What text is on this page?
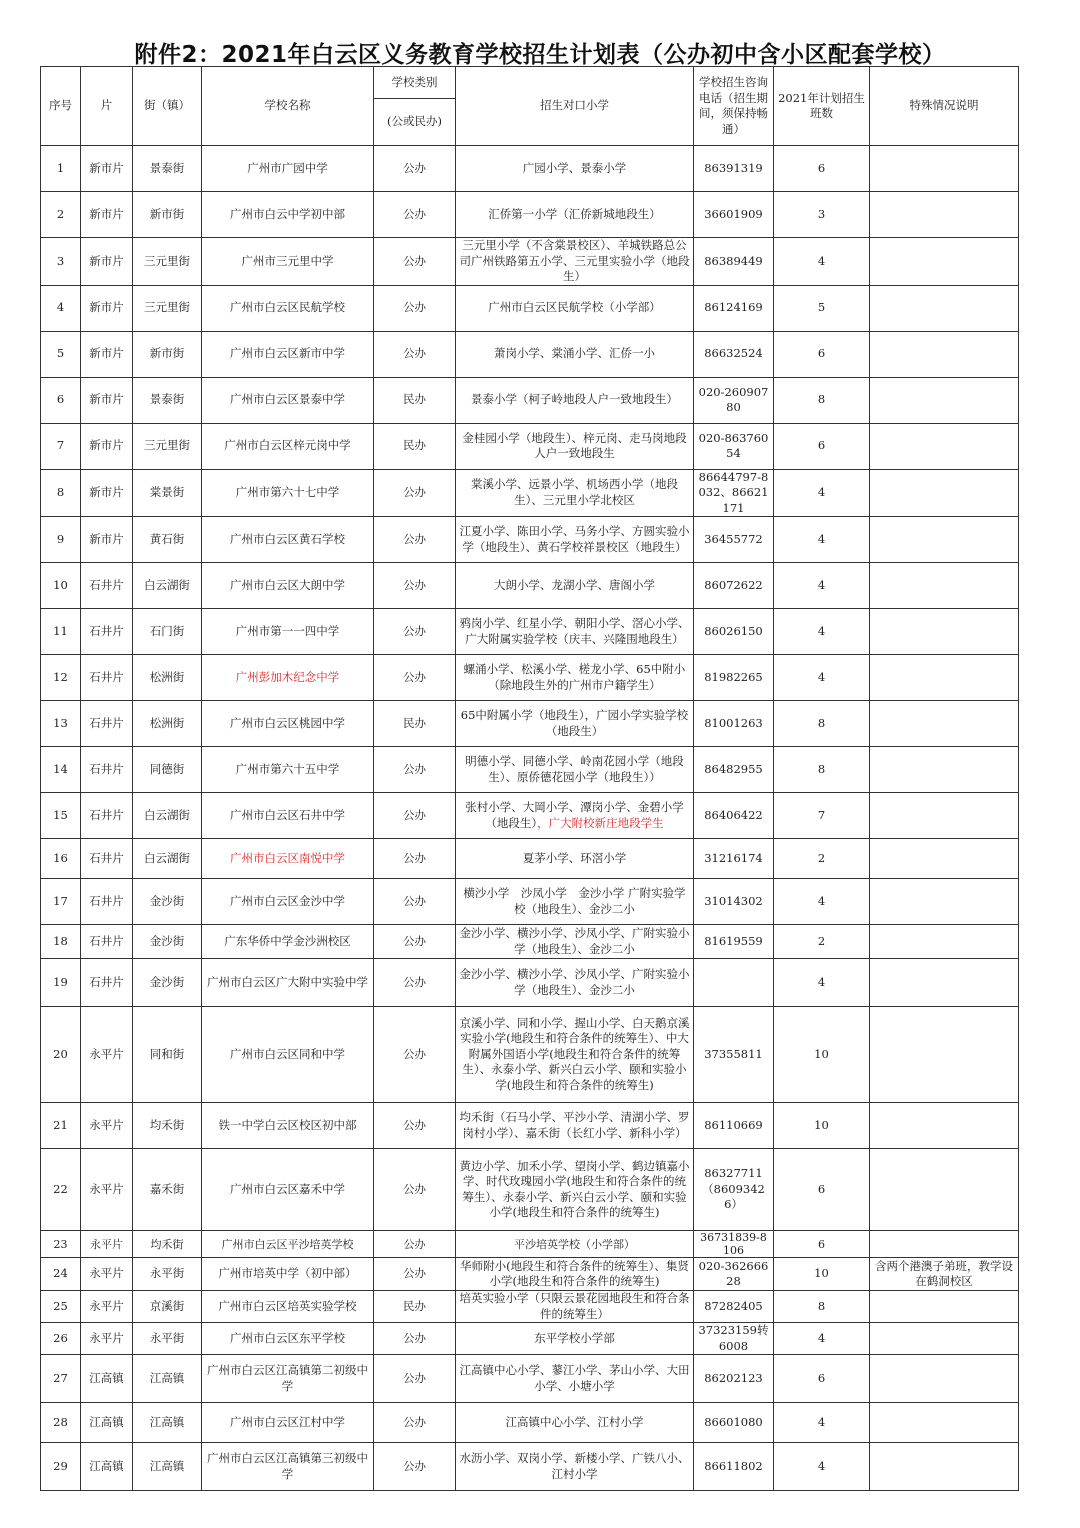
附件2：2021年白云区义务教育学校招生计划表（公办初中含小区配套学校）
序号	片	街（镇）	学校名称	学校类别	招生对口小学	学校招生咨询电话（招生期间，须保持畅通）	2021年计划招生班数	特殊情况说明
				(公或民办)				
1	新市片	景泰街	广州市广园中学	公办	广园小学、景泰小学	86391319	6	
2	新市片	新市街	广州市白云中学初中部	公办	汇侨第一小学（汇侨新城地段生）	36601909	3	
3	新市片	三元里街	广州市三元里中学	公办	三元里小学（不含棠景校区）、羊城铁路总公司广州铁路第五小学、三元里实验小学（地段生）	86389449	4	
4	新市片	三元里街	广州市白云区民航学校	公办	广州市白云区民航学校（小学部）	86124169	5	
5	新市片	新市街	广州市白云区新市中学	公办	萧岗小学、棠涌小学、汇侨一小	86632524	6	
6	新市片	景泰街	广州市白云区景泰中学	民办	景泰小学（柯子岭地段人户一致地段生）	020-26090780	8	
7	新市片	三元里街	广州市白云区梓元岗中学	民办	金桂园小学（地段生）、梓元岗、走马岗地段人户一致地段生	020-86376054	6	
8	新市片	棠景街	广州市第六十七中学	公办	棠溪小学、远景小学、机场西小学（地段生）、三元里小学北校区	86644797-8032、86621171	4	
9	新市片	黄石街	广州市白云区黄石学校	公办	江夏小学、陈田小学、马务小学、方圆实验小学（地段生）、黄石学校祥景校区（地段生）	36455772	4	
10	石井片	白云湖街	广州市白云区大朗中学	公办	大朗小学、龙湖小学、唐阁小学	86072622	4	
11	石井片	石门街	广州市第一一四中学	公办	鸦岗小学、红星小学、朝阳小学、滘心小学、广大附属实验学校（庆丰、兴隆围地段生）	86026150	4	
12	石井片	松洲街	广州彭加木纪念中学	公办	螺涌小学、松溪小学、槎龙小学、65中附小（除地段生外的广州市户籍学生）	81982265	4	
13	石井片	松洲街	广州市白云区桃园中学	民办	65中附属小学（地段生），广园小学实验学校（地段生）	81001263	8	
14	石井片	同德街	广州市第六十五中学	公办	明德小学、同德小学、岭南花园小学（地段生）、原侨德花园小学（地段生））	86482955	8	
15	石井片	白云湖街	广州市白云区石井中学	公办	张村小学、大岡小学、潭岗小学、金碧小学（地段生），广大附校新庄地段学生	86406422	7	
16	石井片	白云湖街	广州市白云区南悦中学	公办	夏茅小学、环滘小学	31216174	2	
17	石井片	金沙街	广州市白云区金沙中学	公办	横沙小学　沙凤小学　金沙小学 广附实验学校（地段生）、金沙二小	31014302	4	
18	石井片	金沙街	广东华侨中学金沙洲校区	公办	金沙小学、横沙小学、沙凤小学、广附实验小学（地段生）、金沙二小	81619559	2	
19	石井片	金沙街	广州市白云区广大附中实验中学	公办	金沙小学、横沙小学、沙凤小学、广附实验小学（地段生）、金沙二小		4	
20	永平片	同和街	广州市白云区同和中学	公办	京溪小学、同和小学、握山小学、白天鹅京溪实验小学(地段生和符合条件的统筹生）、中大附属外国语小学(地段生和符合条件的统筹生）、永泰小学、新兴白云小学、颐和实验小学(地段生和符合条件的统筹生)	37355811	10	
21	永平片	均禾街	铁一中学白云区校区初中部	公办	均禾街（石马小学、平沙小学、清湖小学、罗岗村小学）、嘉禾街（长红小学、新科小学）	86110669	10	
22	永平片	嘉禾街	广州市白云区嘉禾中学	公办	黄边小学、加禾小学、望岗小学、鹤边镇嘉小学、时代玫瑰园小学(地段生和符合条件的统筹生）、永泰小学、新兴白云小学、颐和实验小学(地段生和符合条件的统筹生)	86327711（86093426）	6	
23	永平片	均禾街	广州市白云区平沙培英学校	公办	平沙培英学校（小学部）	36731839-8106	6	
24	永平片	永平街	广州市培英中学（初中部）	公办	华师附小(地段生和符合条件的统筹生）、集贤小学(地段生和符合条件的统筹生)	020-36266628	10	含两个港澳子弟班，教学设在鹤洞校区
25	永平片	京溪街	广州市白云区培英实验学校	民办	培英实验小学（只限云景花园地段生和符合条件的统筹生）	87282405	8	
26	永平片	永平街	广州市白云区东平学校	公办	东平学校小学部	37323159转6008	4	
27	江高镇	江高镇	广州市白云区江高镇第二初级中学	公办	江高镇中心小学、蓼江小学、茅山小学、大田小学、小塘小学	86202123	6	
28	江高镇	江高镇	广州市白云区江村中学	公办	江高镇中心小学、江村小学	86601080	4	
29	江高镇	江高镇	广州市白云区江高镇第三初级中学	公办	水沥小学、双岗小学、新楼小学、广铁八小、江村小学	86611802	4	
